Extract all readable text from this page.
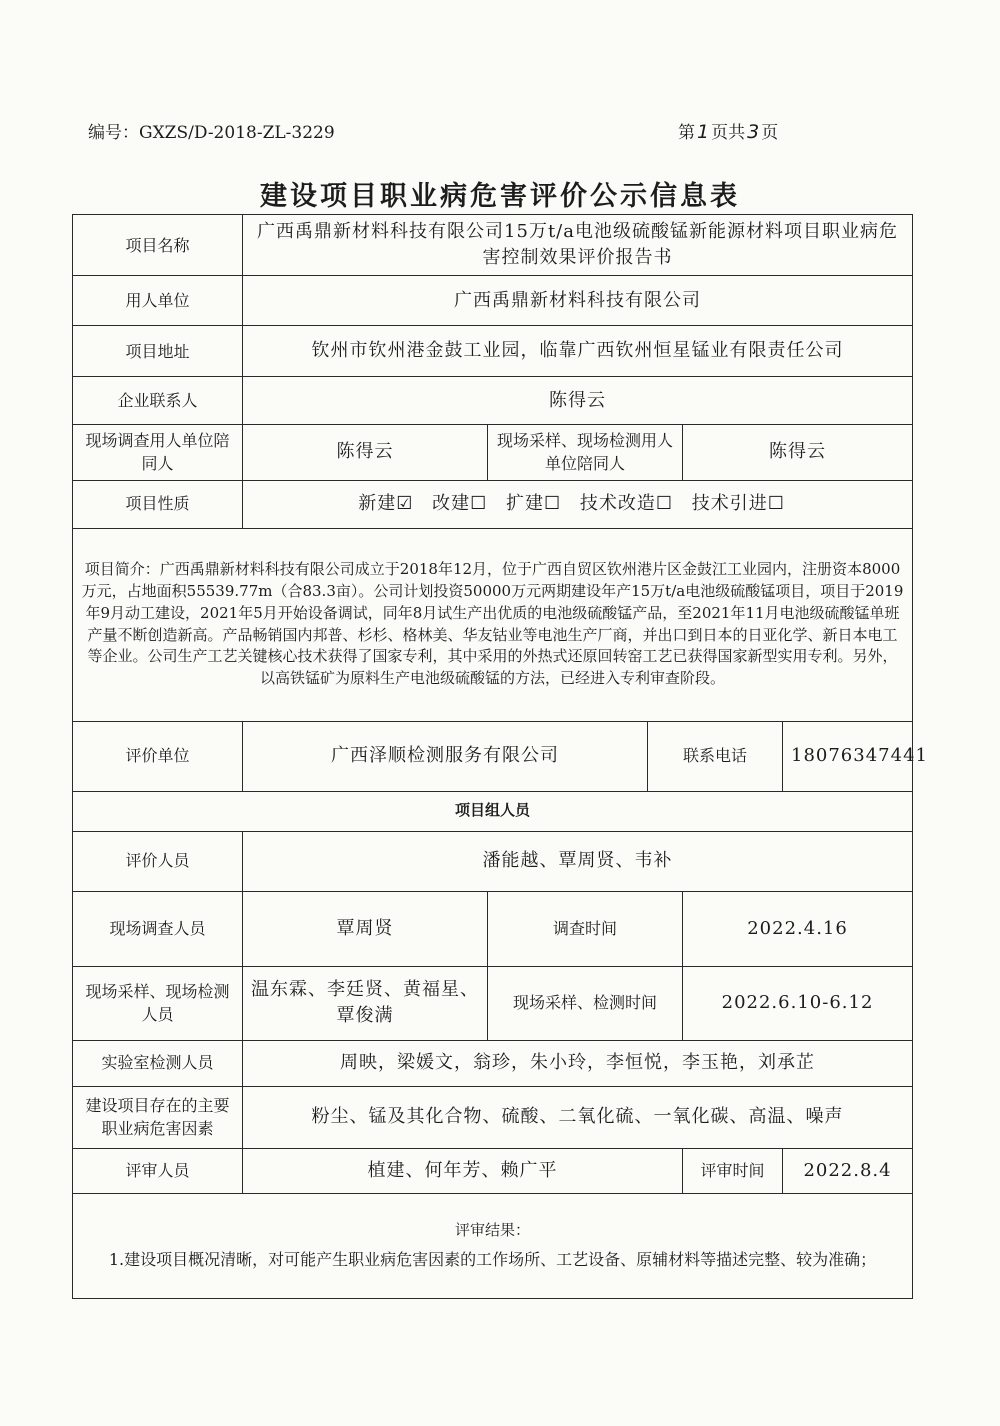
编号：GXZS/D-2018-ZL-3229	第 1 页共 3 页
建设项目职业病危害评价公示信息表
项目名称	广西禹鼎新材料科技有限公司15万t/a电池级硫酸锰新能源材料项目职业病危害控制效果评价报告书				
用人单位	广西禹鼎新材料科技有限公司				
项目地址	钦州市钦州港金鼓工业园，临靠广西钦州恒星锰业有限责任公司				
企业联系人	陈得云				
现场调查用人单位陪同人	陈得云	现场采样、现场检测用人单位陪同人		陈得云	
项目性质	新建☑ 改建☐ 扩建☐ 技术改造☐ 技术引进☐				
项目简介：广西禹鼎新材料科技有限公司成立于2018年12月，位于广西自贸区钦州港片区金鼓江工业园内，注册资本8000万元，占地面积55539.77m（合83.3亩）。公司计划投资50000万元两期建设年产15万t/a电池级硫酸锰项目，项目于2019年9月动工建设，2021年5月开始设备调试，同年8月试生产出优质的电池级硫酸锰产品，至2021年11月电池级硫酸锰单班产量不断创造新高。产品畅销国内邦普、杉杉、格林美、华友钴业等电池生产厂商，并出口到日本的日亚化学、新日本电工等企业。公司生产工艺关键核心技术获得了国家专利，其中采用的外热式还原回转窑工艺已获得国家新型实用专利。另外，以高铁锰矿为原料生产电池级硫酸锰的方法，已经进入专利审查阶段。					
评价单位	广西泽顺检测服务有限公司		联系电话		18076347441
项目组人员					
评价人员	潘能越、覃周贤、韦补				
现场调查人员	覃周贤	调查时间		2022.4.16	
现场采样、现场检测人员	温东霖、李廷贤、黄福星、覃俊满	现场采样、检测时间		2022.6.10-6.12	
实验室检测人员	周映，梁媛文，翁珍，朱小玲，李恒悦，李玉艳，刘承芷				
建设项目存在的主要职业病危害因素	粉尘、锰及其化合物、硫酸、二氧化硫、一氧化碳、高温、噪声				
评审人员	植建、何年芳、赖广平			评审时间	2022.8.4

评审结果：
1.建设项目概况清晰，对可能产生职业病危害因素的工作场所、工艺设备、原辅材料等描述完整、较为准确；					
